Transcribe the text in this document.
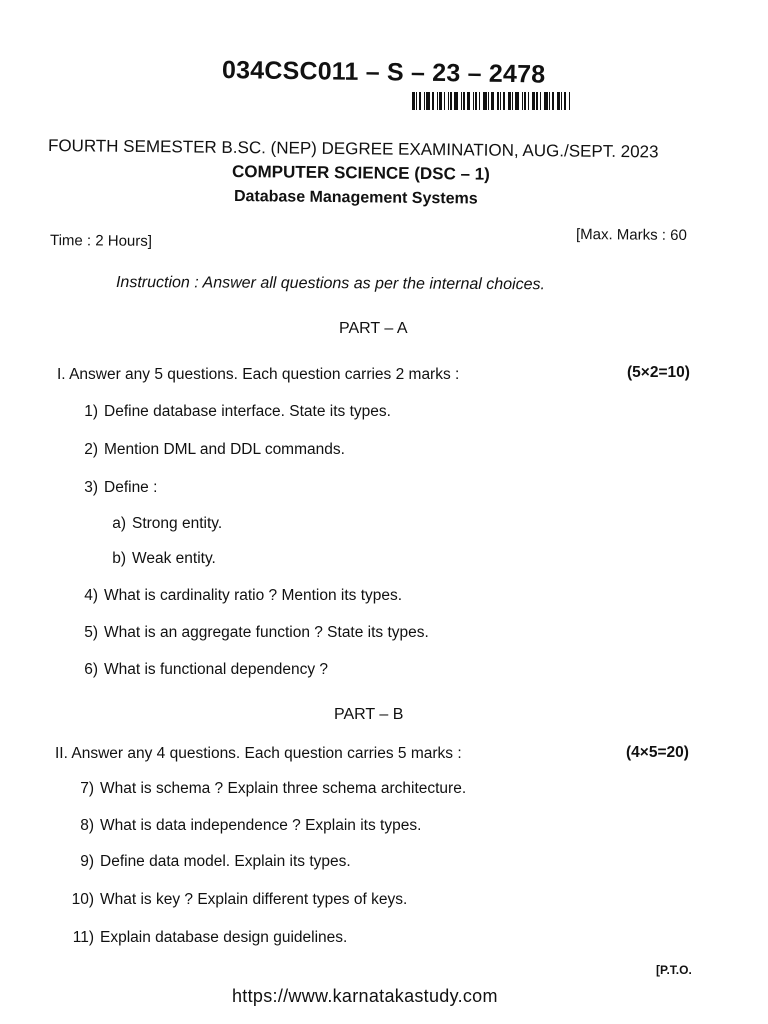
034CSC011 – S – 23 – 2478
FOURTH SEMESTER B.SC. (NEP) DEGREE EXAMINATION, AUG./SEPT. 2023
COMPUTER SCIENCE (DSC – 1)
Database Management Systems
Time : 2 Hours]	[Max. Marks : 60
Instruction : Answer all questions as per the internal choices.
PART – A
I. Answer any 5 questions. Each question carries 2 marks :	(5×2=10)
1) Define database interface. State its types.
2) Mention DML and DDL commands.
3) Define :
a) Strong entity.
b) Weak entity.
4) What is cardinality ratio ? Mention its types.
5) What is an aggregate function ? State its types.
6) What is functional dependency ?
PART – B
II. Answer any 4 questions. Each question carries 5 marks :	(4×5=20)
7) What is schema ? Explain three schema architecture.
8) What is data independence ? Explain its types.
9) Define data model. Explain its types.
10) What is key ? Explain different types of keys.
11) Explain database design guidelines.
[P.T.O.
https://www.karnatakastudy.com
